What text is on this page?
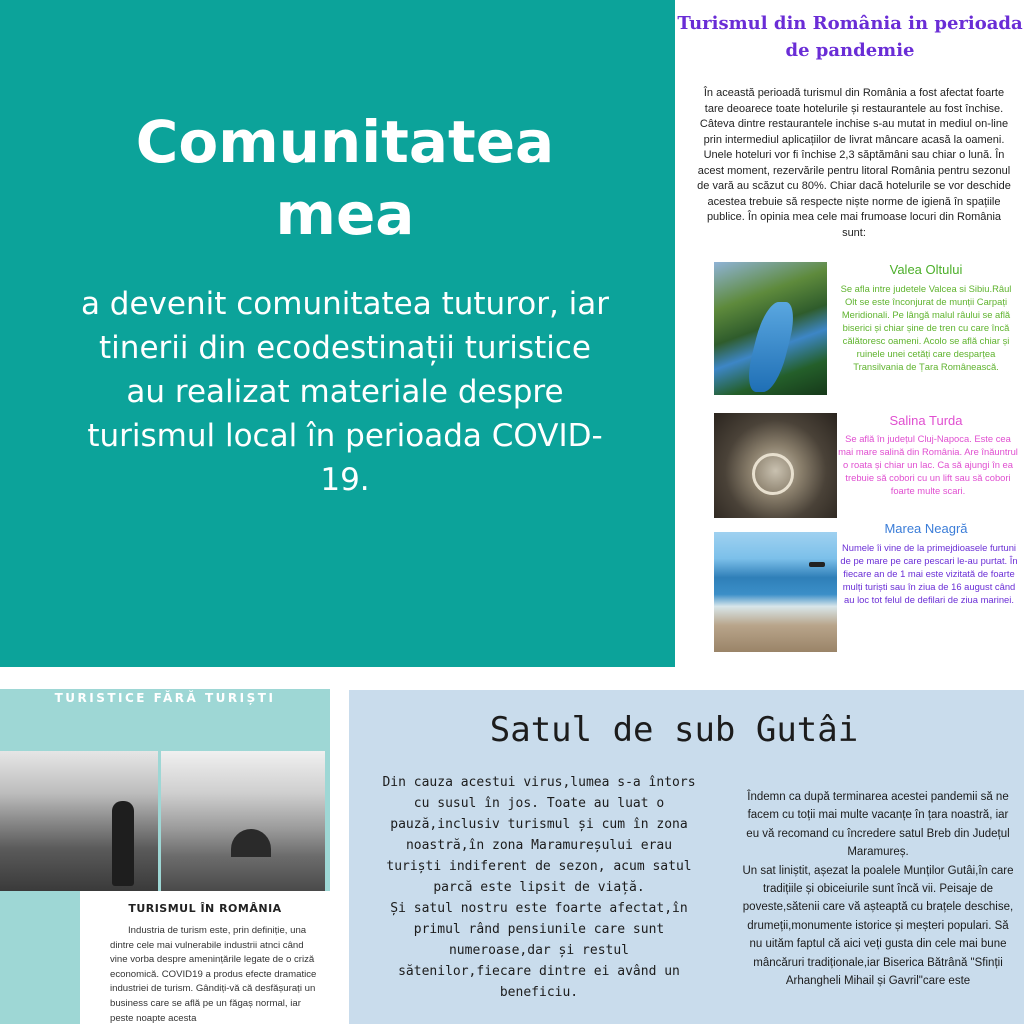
Comunitatea mea

a devenit comunitatea tuturor, iar tinerii din ecodestinații turistice au realizat materiale despre turismul local în perioada COVID-19.

Turismul din România in perioada de pandemie
În această perioadă turismul din România a fost afectat foarte tare deoarece toate hotelurile și restaurantele au fost închise. Câteva dintre restaurantele inchise s-au mutat in mediul on-line prin intermediul aplicațiilor de livrat mâncare acasă la oameni. Unele hoteluri vor fi închise 2,3 săptămâni sau chiar o lună. În acest moment, rezervările pentru litoral România pentru sezonul de vară au scăzut cu 80%. Chiar dacă hotelurile se vor deschide acestea trebuie să respecte niște norme de igienă în spațiile publice. În opinia mea cele mai frumoase locuri din România sunt:
Valea Oltului
Se afla intre judetele Valcea si Sibiu.Râul Olt se este înconjurat de munții Carpați Meridionali. Pe lângă malul râului se află biserici și chiar șine de tren cu care încă călătoresc oameni. Acolo se află chiar și ruinele unei cetăți care desparțea Transilvania de Țara Românească.
Salina Turda
Se află în județul Cluj-Napoca. Este cea mai mare salină din România. Are înăuntrul o roata și chiar un lac. Ca să ajungi în ea trebuie să cobori cu un lift sau să cobori foarte multe scari.
Marea Neagră
Numele îi vine de la primejdioasele furtuni de pe mare pe care pescari le-au purtat. În fiecare an de 1 mai este vizitată de foarte mulți turiști sau în ziua de 16 august când au loc tot felul de defilari de ziua marinei.
TURISTICE FĂRĂ TURIȘTI
TURISMUL ÎN ROMÂNIA
Industria de turism este, prin definiție, una dintre cele mai vulnerabile industrii atnci când vine vorba despre amenințările legate de o criză economică. COVID19 a produs efecte dramatice industriei de turism. Gândiți-vă că desfășurați un business care se află pe un făgaș normal, iar peste noapte acesta
Satul de sub Gutâi

Din cauza acestui virus,lumea s-a întors cu susul în jos. Toate au luat o pauză,inclusiv turismul și cum în zona noastră,în zona Maramureșului erau turiști indiferent de sezon, acum satul parcă este lipsit de viață.

Și satul nostru este foarte afectat,în primul rând pensiunile care sunt numeroase,dar și restul sătenilor,fiecare dintre ei având un beneficiu.

Îndemn ca după terminarea acestei pandemii să ne facem cu toții mai multe vacanțe în țara noastră, iar eu vă recomand cu încredere satul Breb din Județul Maramureș.

Un sat liniștit, așezat la poalele Munților Gutâi,în care tradițiile și obiceiurile sunt încă vii. Peisaje de poveste,sătenii care vă așteaptă cu brațele deschise, drumeții,monumente istorice și meșteri populari. Să nu uităm faptul că aici veți gusta din cele mai bune mâncăruri tradiționale,iar Biserica Bătrână "Sfinții Arhangheli Mihail și Gavril"care este
